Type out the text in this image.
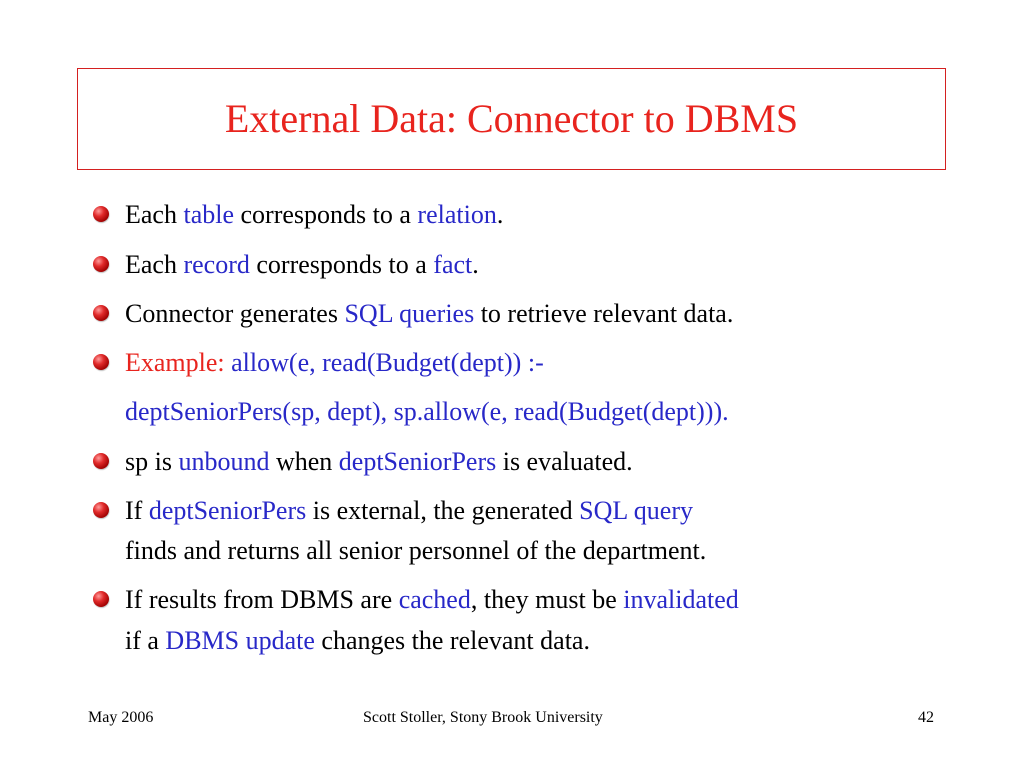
External Data: Connector to DBMS
Each table corresponds to a relation.
Each record corresponds to a fact.
Connector generates SQL queries to retrieve relevant data.
Example: allow(e, read(Budget(dept)) :-
deptSeniorPers(sp, dept), sp.allow(e, read(Budget(dept))).
sp is unbound when deptSeniorPers is evaluated.
If deptSeniorPers is external, the generated SQL query
finds and returns all senior personnel of the department.
If results from DBMS are cached, they must be invalidated
if a DBMS update changes the relevant data.
May 2006	Scott Stoller, Stony Brook University	42
